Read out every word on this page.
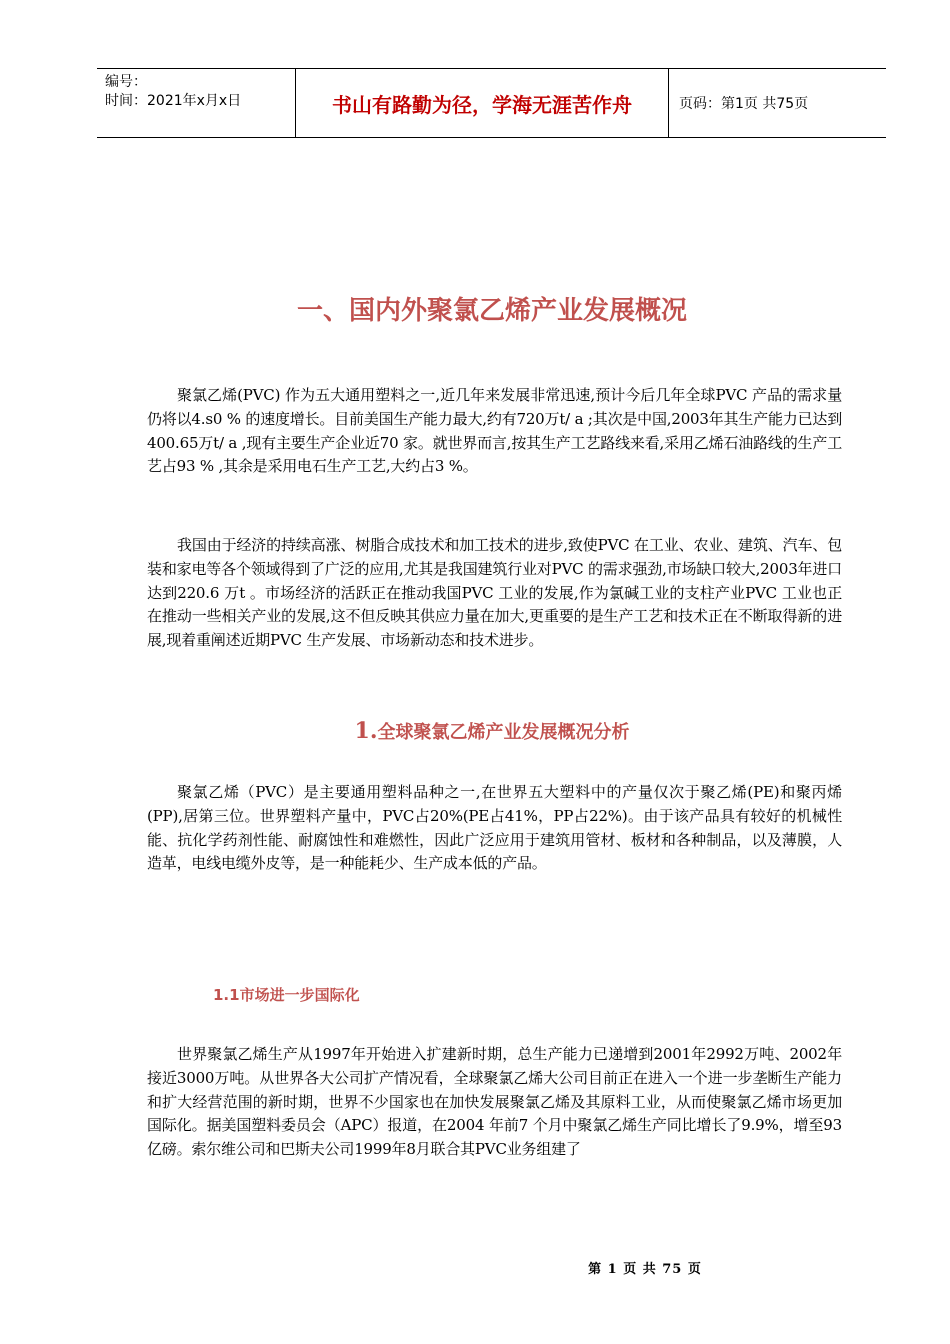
编号：
时间：2021年x月x日	书山有路勤为径，学海无涯苦作舟	页码：第1页 共75页
一、国内外聚氯乙烯产业发展概况

聚氯乙烯(PVC) 作为五大通用塑料之一,近几年来发展非常迅速,预计今后几年全球PVC 产品的需求量仍将以4.s0 % 的速度增长。目前美国生产能力最大,约有720万t/ a ;其次是中国,2003年其生产能力已达到400.65万t/ a ,现有主要生产企业近70 家。就世界而言,按其生产工艺路线来看,采用乙烯石油路线的生产工艺占93 % ,其余是采用电石生产工艺,大约占3 %。

我国由于经济的持续高涨、树脂合成技术和加工技术的进步,致使PVC 在工业、农业、建筑、汽车、包装和家电等各个领域得到了广泛的应用,尤其是我国建筑行业对PVC 的需求强劲,市场缺口较大,2003年进口达到220.6 万t 。市场经济的活跃正在推动我国PVC 工业的发展,作为氯碱工业的支柱产业PVC 工业也正在推动一些相关产业的发展,这不但反映其供应力量在加大,更重要的是生产工艺和技术正在不断取得新的进展,现着重阐述近期PVC 生产发展、市场新动态和技术进步。

1.全球聚氯乙烯产业发展概况分析

聚氯乙烯（PVC）是主要通用塑料品种之一,在世界五大塑料中的产量仅次于聚乙烯(PE)和聚丙烯(PP),居第三位。世界塑料产量中，PVC占20%(PE占41%，PP占22%)。由于该产品具有较好的机械性能、抗化学药剂性能、耐腐蚀性和难燃性，因此广泛应用于建筑用管材、板材和各种制品，以及薄膜，人造革，电线电缆外皮等，是一种能耗少、生产成本低的产品。

1.1市场进一步国际化

世界聚氯乙烯生产从1997年开始进入扩建新时期，总生产能力已递增到2001年2992万吨、2002年接近3000万吨。从世界各大公司扩产情况看，全球聚氯乙烯大公司目前正在进入一个进一步垄断生产能力和扩大经营范围的新时期，世界不少国家也在加快发展聚氯乙烯及其原料工业，从而使聚氯乙烯市场更加国际化。据美国塑料委员会（APC）报道，在2004 年前7 个月中聚氯乙烯生产同比增长了9.9%，增至93亿磅。索尔维公司和巴斯夫公司1999年8月联合其PVC业务组建了

第 1 页 共 75 页
